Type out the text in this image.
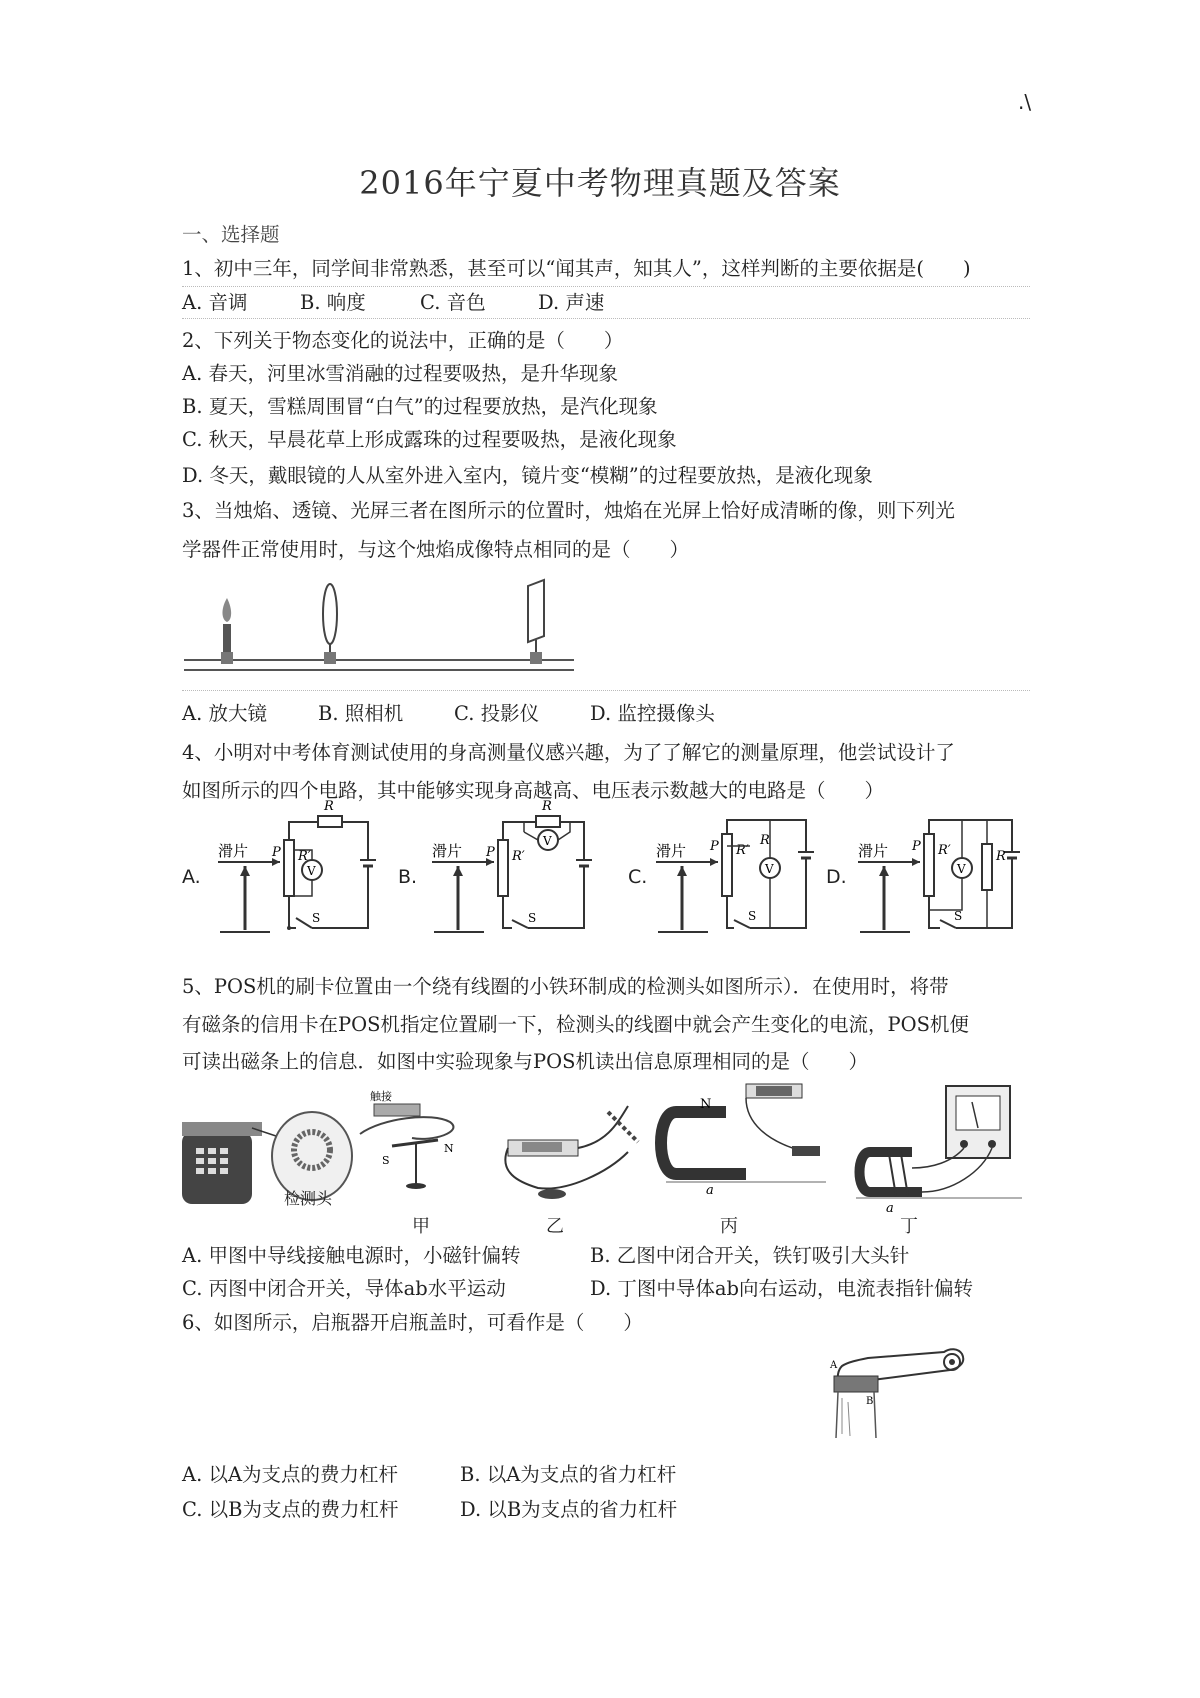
.\
2016年宁夏中考物理真题及答案
一、选择题
1、初中三年，同学间非常熟悉，甚至可以“闻其声，知其人”，这样判断的主要依据是(　　)
A. 音调	B. 响度	C. 音色	D. 声速
2、下列关于物态变化的说法中，正确的是（　　）
A. 春天，河里冰雪消融的过程要吸热，是升华现象
B. 夏天，雪糕周围冒“白气”的过程要放热，是汽化现象
C. 秋天，早晨花草上形成露珠的过程要吸热，是液化现象
D. 冬天，戴眼镜的人从室外进入室内，镜片变“模糊”的过程要放热，是液化现象
3、当烛焰、透镜、光屏三者在图所示的位置时，烛焰在光屏上恰好成清晰的像，则下列光
学器件正常使用时，与这个烛焰成像特点相同的是（　　）
A. 放大镜	B. 照相机	C. 投影仪	D. 监控摄像头
4、小明对中考体育测试使用的身高测量仪感兴趣，为了了解它的测量原理，他尝试设计了
如图所示的四个电路，其中能够实现身高越高、电压表示数越大的电路是（　　）
A.	B.	C.	D.
滑片 P R′
R
S
V
滑片 P R′
R
S
V
滑片 P R′
S
R
V
滑片 P R′
S
V
R
5、POS机的刷卡位置由一个绕有线圈的小铁环制成的检测头如图所示）．在使用时，将带
有磁条的信用卡在POS机指定位置刷一下，检测头的线圈中就会产生变化的电流，POS机便
可读出磁条上的信息．如图中实验现象与POS机读出信息原理相同的是（　　）
检测头
触接
S
N
N
a
a
甲	乙	丙	丁
A. 甲图中导线接触电源时，小磁针偏转	B. 乙图中闭合开关，铁钉吸引大头针
C. 丙图中闭合开关，导体ab水平运动	D. 丁图中导体ab向右运动，电流表指针偏转
6、如图所示，启瓶器开启瓶盖时，可看作是（　　）
A
B
A. 以A为支点的费力杠杆	B. 以A为支点的省力杠杆
C. 以B为支点的费力杠杆	D. 以B为支点的省力杠杆
